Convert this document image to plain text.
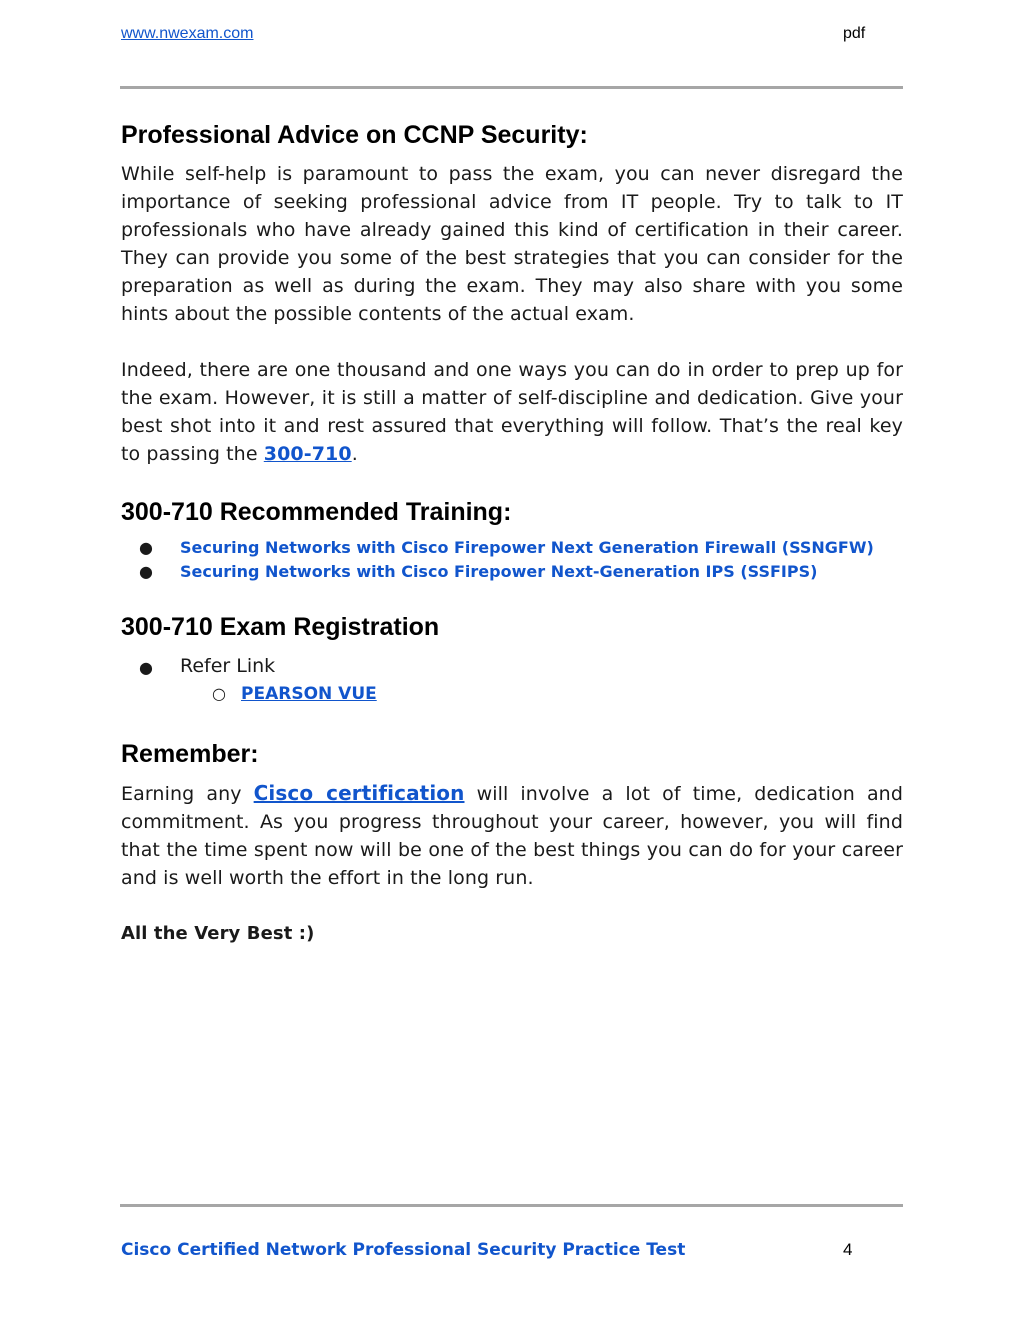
www.nwexam.com	pdf
Professional Advice on CCNP Security:

While self-help is paramount to pass the exam, you can never disregard the importance of seeking professional advice from IT people. Try to talk to IT professionals who have already gained this kind of certification in their career. They can provide you some of the best strategies that you can consider for the preparation as well as during the exam. They may also share with you some hints about the possible contents of the actual exam.

Indeed, there are one thousand and one ways you can do in order to prep up for the exam. However, it is still a matter of self-discipline and dedication. Give your best shot into it and rest assured that everything will follow. That’s the real key to passing the 300-710.

300-710 Recommended Training:
● Securing Networks with Cisco Firepower Next Generation Firewall (SSNGFW)
● Securing Networks with Cisco Firepower Next-Generation IPS (SSFIPS)
300-710 Exam Registration
● Refer Link
○ PEARSON VUE
Remember:

Earning any Cisco certification will involve a lot of time, dedication and commitment. As you progress throughout your career, however, you will find that the time spent now will be one of the best things you can do for your career and is well worth the effort in the long run.

All the Very Best :)

Cisco Certified Network Professional Security Practice Test	4
